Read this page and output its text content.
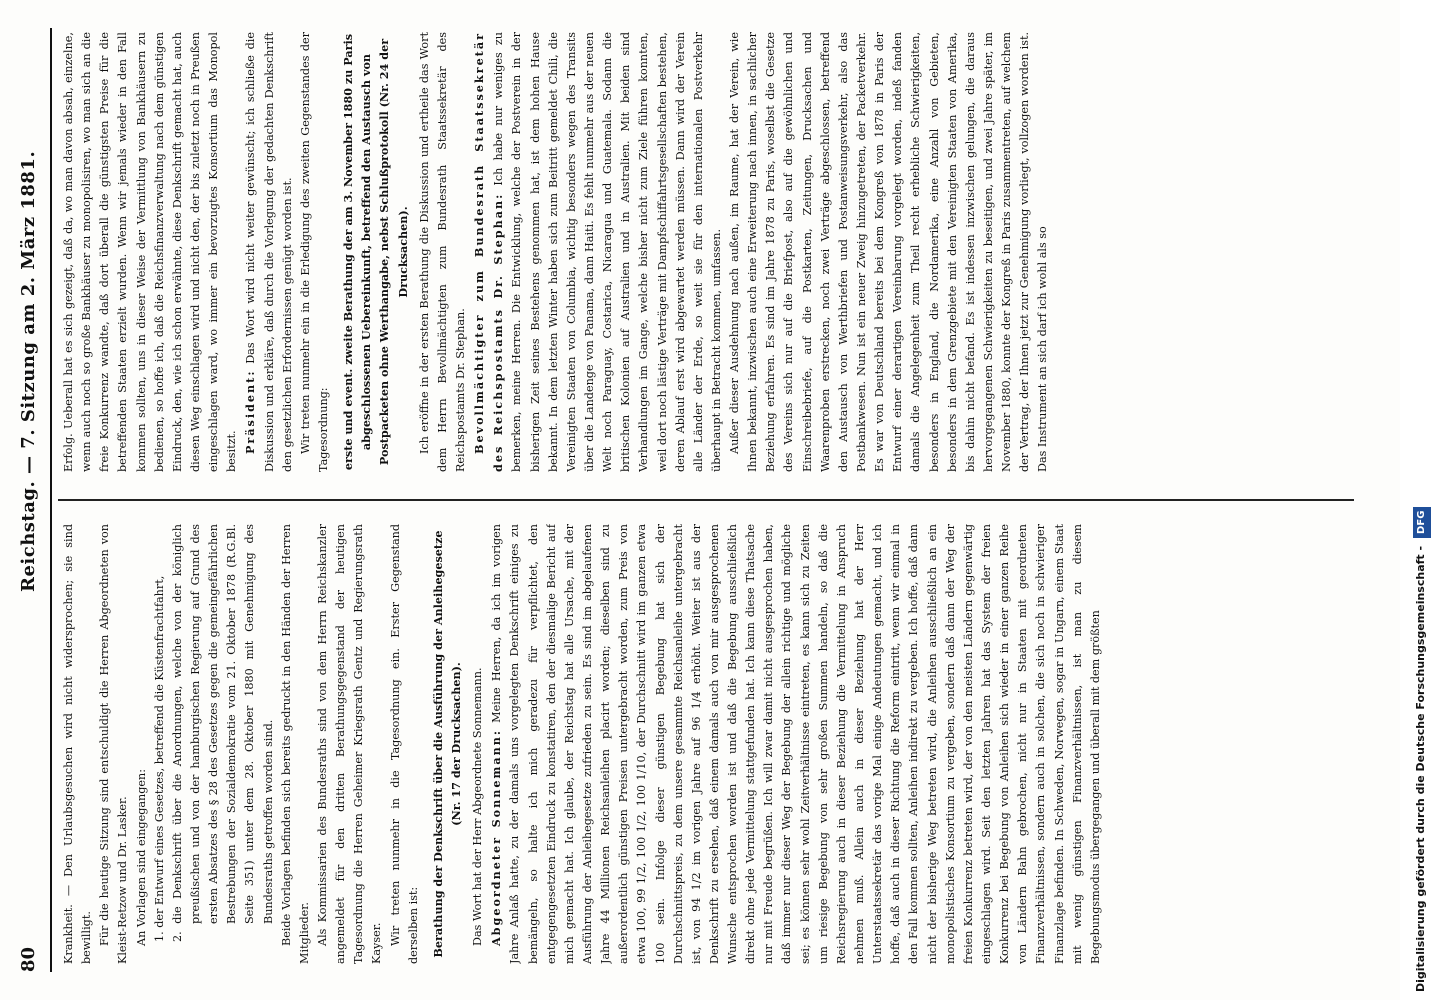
80
Reichstag. — 7. Sitzung am 2. März 1881.

Krankheit. — Den Urlaubsgesuchen wird nicht widersprochen; sie sind bewilligt. Für die heutige Sitzung sind entschuldigt die Herren Abgeordneten von Kleist-Retzow und Dr. Lasker. An Vorlagen sind eingegangen: 1. der Entwurf eines Gesetzes, betreffend die Küstenfrachtfahrt, 2. die Denkschrift über die Anordnungen, welche von der königlich preußischen und von der hamburgischen Regierung auf Grund des ersten Absatzes des § 28 des Gesetzes gegen die gemeingefährlichen Bestrebungen der Sozialdemokratie vom 21. Oktober 1878 (R.G.Bl. Seite 351) unter dem 28. Oktober 1880 mit Genehmigung des Bundesraths getroffen worden sind. Beide Vorlagen befinden sich bereits gedruckt in den Händen der Herren Mitglieder. Als Kommissarien des Bundesraths sind von dem Herrn Reichskanzler angemeldet für den dritten Berathungsgegenstand der heutigen Tagesordnung die Herren Geheimer Kriegsrath Gentz und Regierungsrath Kayser. Wir treten nunmehr in die Tagesordnung ein. Erster Gegenstand derselben ist: Berathung der Denkschrift über die Ausführung der Anleihegesetze (Nr. 17 der Drucksachen). Das Wort hat der Herr Abgeordnete Sonnemann. Abgeordneter Sonnemann: Meine Herren, da ich im vorigen Jahre Anlaß hatte, zu der damals uns vorgelegten Denkschrift einiges zu bemängeln, so halte ich mich geradezu für verpflichtet, den entgegengesetzten Eindruck zu konstatiren, den der diesmalige Bericht auf mich gemacht hat. Ich glaube, der Reichstag hat alle Ursache, mit der Ausführung der Anleihegesetze zufrieden zu sein. Es sind im abgelaufenen Jahre 44 Millionen Reichsanleihen placirt worden; dieselben sind zu außerordentlich günstigen Preisen untergebracht worden, zum Preis von etwa 100, 99 1/2, 100 1/2, 100 1/10, der Durchschnitt wird im ganzen etwa 100 sein. Infolge dieser günstigen Begebung hat sich der Durchschnittspreis, zu dem unsere gesammte Reichsanleihe untergebracht ist, von 94 1/2 im vorigen Jahre auf 96 1/4 erhöht. Weiter ist aus der Denkschrift zu ersehen, daß einem damals auch von mir ausgesprochenen Wunsche entsprochen worden ist und daß die Begebung ausschließlich direkt ohne jede Vermittelung stattgefunden hat. Ich kann diese Thatsache nur mit Freude begrüßen. Ich will zwar damit nicht ausgesprochen haben, daß immer nur dieser Weg der Begebung der allein richtige und mögliche sei; es können sehr wohl Zeitverhältnisse eintreten, es kann sich zu Zeiten um riesige Begebung von sehr großen Summen handeln, so daß die Reichsregierung auch in dieser Beziehung die Vermittelung in Anspruch nehmen muß. Allein auch in dieser Beziehung hat der Herr Unterstaatssekretär das vorige Mal einige Andeutungen gemacht, und ich hoffe, daß auch in dieser Richtung die Reform eintritt, wenn wir einmal in den Fall kommen sollten, Anleihen indirekt zu vergeben. Ich hoffe, daß dann nicht der bisherige Weg betreten wird, die Anleihen ausschließlich an ein monopolistisches Konsortium zu vergeben, sondern daß dann der Weg der freien Konkurrenz betreten wird, der von den meisten Ländern gegenwärtig eingeschlagen wird. Seit den letzten Jahren hat das System der freien Konkurrenz bei Begebung von Anleihen sich wieder in einer ganzen Reihe von Ländern Bahn gebrochen, nicht nur in Staaten mit geordneten Finanzverhältnissen, sondern auch in solchen, die sich noch in schwieriger Finanzlage befinden. In Schweden, Norwegen, sogar in Ungarn, einem Staat mit wenig günstigen Finanzverhältnissen, ist man zu diesem Begebungsmodus übergegangen und überall mit dem größten

Erfolg. Ueberall hat es sich gezeigt, daß da, wo man davon absah, einzelne, wenn auch noch so große Bankhäuser zu monopolisiren, wo man sich an die freie Konkurrenz wandte, daß dort überall die günstigsten Preise für die betreffenden Staaten erzielt wurden. Wenn wir jemals wieder in den Fall kommen sollten, uns in dieser Weise der Vermittlung von Bankhäusern zu bedienen, so hoffe ich, daß die Reichsfinanzverwaltung nach dem günstigen Eindruck, den, wie ich schon erwähnte, diese Denkschrift gemacht hat, auch diesen Weg einschlagen wird und nicht den, der bis zuletzt noch in Preußen eingeschlagen ward, wo immer ein bevorzugtes Konsortium das Monopol besitzt. Präsident: Das Wort wird nicht weiter gewünscht; ich schließe die Diskussion und erkläre, daß durch die Vorlegung der gedachten Denkschrift den gesetzlichen Erfordernissen genügt worden ist. Wir treten nunmehr ein in die Erledigung des zweiten Gegenstandes der Tagesordnung: erste und event. zweite Berathung der am 3. November 1880 zu Paris abgeschlossenen Uebereinkunft, betreffend den Austausch von Postpacketen ohne Werthangabe, nebst Schlußprotokoll (Nr. 24 der Drucksachen). Ich eröffne in der ersten Berathung die Diskussion und ertheile das Wort dem Herrn Bevollmächtigten zum Bundesrath Staatssekretär des Reichspostamts Dr. Stephan. Bevollmächtigter zum Bundesrath Staatssekretär des Reichspostamts Dr. Stephan: Ich habe nur weniges zu bemerken, meine Herren. Die Entwicklung, welche der Postverein in der bisherigen Zeit seines Bestehens genommen hat, ist dem hohen Hause bekannt. In dem letzten Winter haben sich zum Beitritt gemeldet Chili, die Vereinigten Staaten von Columbia, wichtig besonders wegen des Transits über die Landenge von Panama, dann Haiti. Es fehlt nunmehr aus der neuen Welt noch Paraguay, Costarica, Nicaragua und Guatemala. Sodann die britischen Kolonien auf Australien und in Australien. Mit beiden sind Verhandlungen im Gange, welche bisher nicht zum Ziele führen konnten, weil dort noch lästige Verträge mit Dampfschiffahrtsgesellschaften bestehen, deren Ablauf erst wird abgewartet werden müssen. Dann wird der Verein alle Länder der Erde, so weit sie für den internationalen Postverkehr überhaupt in Betracht kommen, umfassen. Außer dieser Ausdehnung nach außen, im Raume, hat der Verein, wie Ihnen bekannt, inzwischen auch eine Erweiterung nach innen, in sachlicher Beziehung erfahren. Es sind im Jahre 1878 zu Paris, woselbst die Gesetze des Vereins sich nur auf die Briefpost, also auf die gewöhnlichen und Einschreibebriefe, auf die Postkarten, Zeitungen, Drucksachen und Waarenproben erstrecken, noch zwei Verträge abgeschlossen, betreffend den Austausch von Werthbriefen und Postanweisungsverkehr, also das Postbankwesen. Nun ist ein neuer Zweig hinzugetreten, der Packetverkehr. Es war von Deutschland bereits bei dem Kongreß von 1878 in Paris der Entwurf einer derartigen Vereinbarung vorgelegt worden, indeß fanden damals die Angelegenheit zum Theil recht erhebliche Schwierigkeiten, besonders in England, die Nordamerika, eine Anzahl von Gebieten, besonders in dem Grenzgebiete mit den Vereinigten Staaten von Amerika, bis dahin nicht befand. Es ist indessen inzwischen gelungen, die daraus hervorgegangenen Schwierigkeiten zu beseitigen, und zwei Jahre später, im November 1880, konnte der Kongreß in Paris zusammentreten, auf welchem der Vertrag, der Ihnen jetzt zur Genehmigung vorliegt, vollzogen worden ist. Das Instrument an sich darf ich wohl als so

Digitalisierung gefördert durch die Deutsche Forschungsgemeinschaft -DFG
